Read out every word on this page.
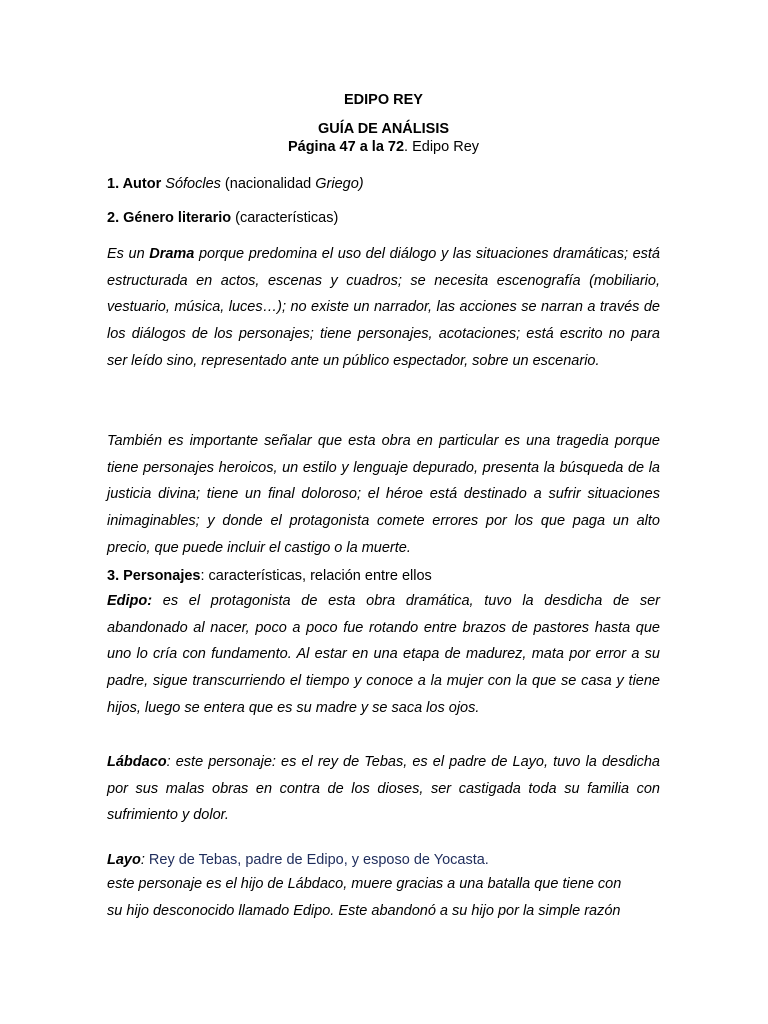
EDIPO REY
GUÍA DE ANÁLISIS
Página 47 a la 72. Edipo Rey
1. Autor Sófocles (nacionalidad Griego)
2. Género literario (características)
Es un Drama porque predomina el uso del diálogo y las situaciones dramáticas; está estructurada en actos, escenas y cuadros; se necesita escenografía (mobiliario, vestuario, música, luces…); no existe un narrador, las acciones se narran a través de los diálogos de los personajes; tiene personajes, acotaciones; está escrito no para ser leído sino, representado ante un público espectador, sobre un escenario.
También es importante señalar que esta obra en particular es una tragedia porque tiene personajes heroicos, un estilo y lenguaje depurado, presenta la búsqueda de la justicia divina; tiene un final doloroso; el héroe está destinado a sufrir situaciones inimaginables; y donde el protagonista comete errores por los que paga un alto precio, que puede incluir el castigo o la muerte.
3. Personajes: características, relación entre ellos
Edipo: es el protagonista de esta obra dramática, tuvo la desdicha de ser abandonado al nacer, poco a poco fue rotando entre brazos de pastores hasta que uno lo cría con fundamento. Al estar en una etapa de madurez, mata por error a su padre, sigue transcurriendo el tiempo y conoce a la mujer con la que se casa y tiene hijos, luego se entera que es su madre y se saca los ojos.
Lábdaco: este personaje: es el rey de Tebas, es el padre de Layo, tuvo la desdicha por sus malas obras en contra de los dioses, ser castigada toda su familia con sufrimiento y dolor.
Layo: Rey de Tebas, padre de Edipo, y esposo de Yocasta.
este personaje es el hijo de Lábdaco, muere gracias a una batalla que tiene con
su hijo desconocido llamado Edipo. Este abandonó a su hijo por la simple razón
